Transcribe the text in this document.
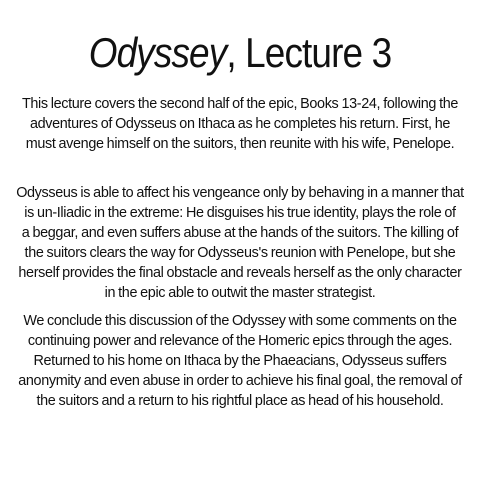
Odyssey, Lecture 3

This lecture covers the second half of the epic, Books 13-24, following the
adventures of Odysseus on Ithaca as he completes his return. First, he
must avenge himself on the suitors, then reunite with his wife, Penelope.

Odysseus is able to affect his vengeance only by behaving in a manner that
is un-Iliadic in the extreme: He disguises his true identity, plays the role of
a beggar, and even suffers abuse at the hands of the suitors. The killing of
the suitors clears the way for Odysseus's reunion with Penelope, but she
herself provides the final obstacle and reveals herself as the only character
in the epic able to outwit the master strategist.

We conclude this discussion of the Odyssey with some comments on the
continuing power and relevance of the Homeric epics through the ages.
Returned to his home on Ithaca by the Phaeacians, Odysseus suffers
anonymity and even abuse in order to achieve his final goal, the removal of
the suitors and a return to his rightful place as head of his household.
